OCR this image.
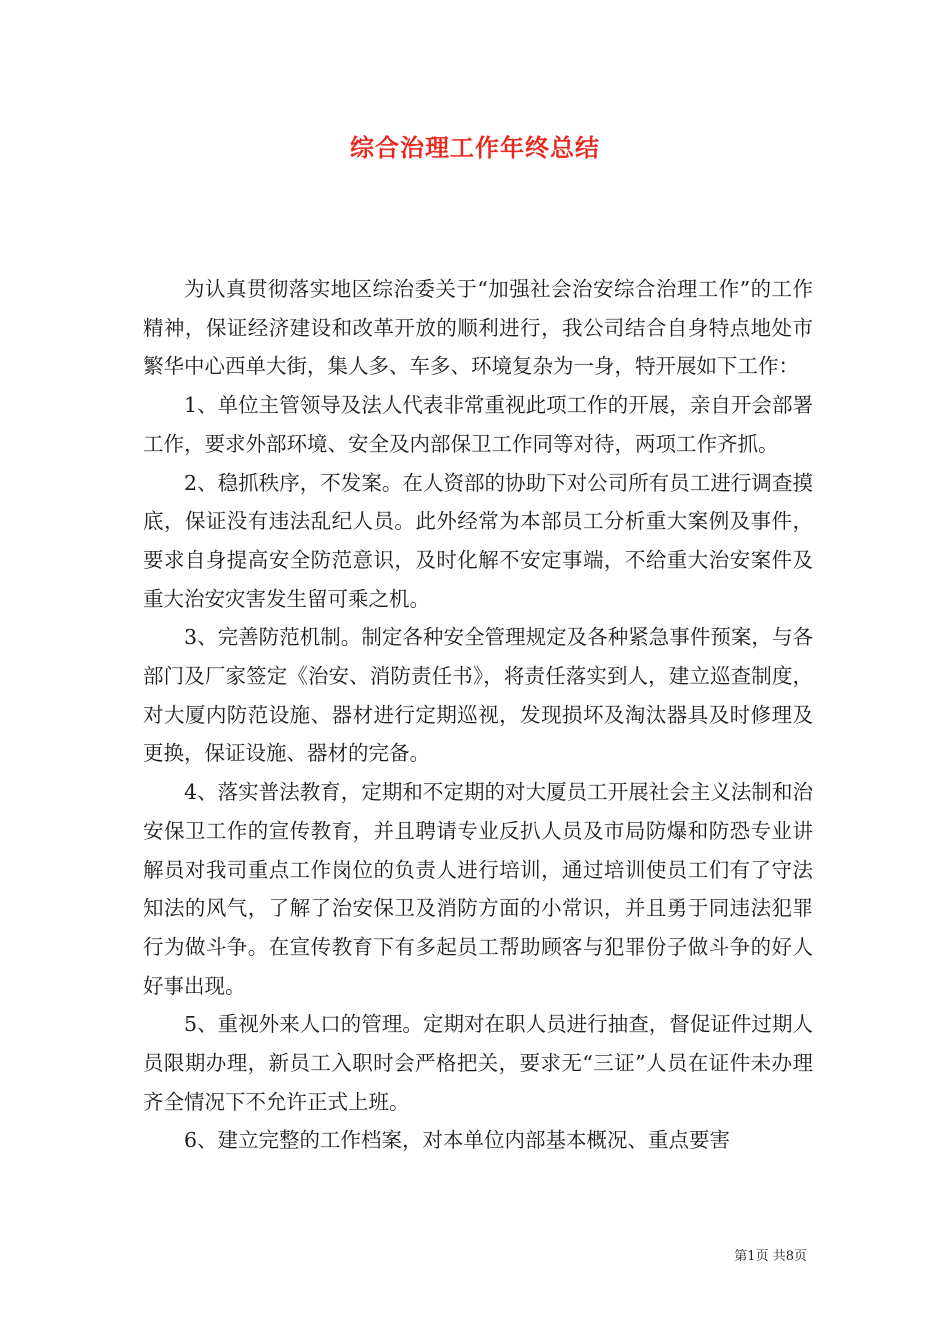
综合治理工作年终总结

为认真贯彻落实地区综治委关于“加强社会治安综合治理工作”的工作精神，保证经济建设和改革开放的顺利进行，我公司结合自身特点地处市繁华中心西单大街，集人多、车多、环境复杂为一身，特开展如下工作：

1、单位主管领导及法人代表非常重视此项工作的开展，亲自开会部署工作，要求外部环境、安全及内部保卫工作同等对待，两项工作齐抓。

2、稳抓秩序，不发案。在人资部的协助下对公司所有员工进行调查摸底，保证没有违法乱纪人员。此外经常为本部员工分析重大案例及事件，要求自身提高安全防范意识，及时化解不安定事端，不给重大治安案件及重大治安灾害发生留可乘之机。

3、完善防范机制。制定各种安全管理规定及各种紧急事件预案，与各部门及厂家签定《治安、消防责任书》，将责任落实到人，建立巡查制度，对大厦内防范设施、器材进行定期巡视，发现损坏及淘汰器具及时修理及更换，保证设施、器材的完备。

4、落实普法教育，定期和不定期的对大厦员工开展社会主义法制和治安保卫工作的宣传教育，并且聘请专业反扒人员及市局防爆和防恐专业讲解员对我司重点工作岗位的负责人进行培训，通过培训使员工们有了守法知法的风气，了解了治安保卫及消防方面的小常识，并且勇于同违法犯罪行为做斗争。在宣传教育下有多起员工帮助顾客与犯罪份子做斗争的好人好事出现。

5、重视外来人口的管理。定期对在职人员进行抽查，督促证件过期人员限期办理，新员工入职时会严格把关，要求无“三证”人员在证件未办理齐全情况下不允许正式上班。

6、建立完整的工作档案，对本单位内部基本概况、重点要害

第1页 共8页
